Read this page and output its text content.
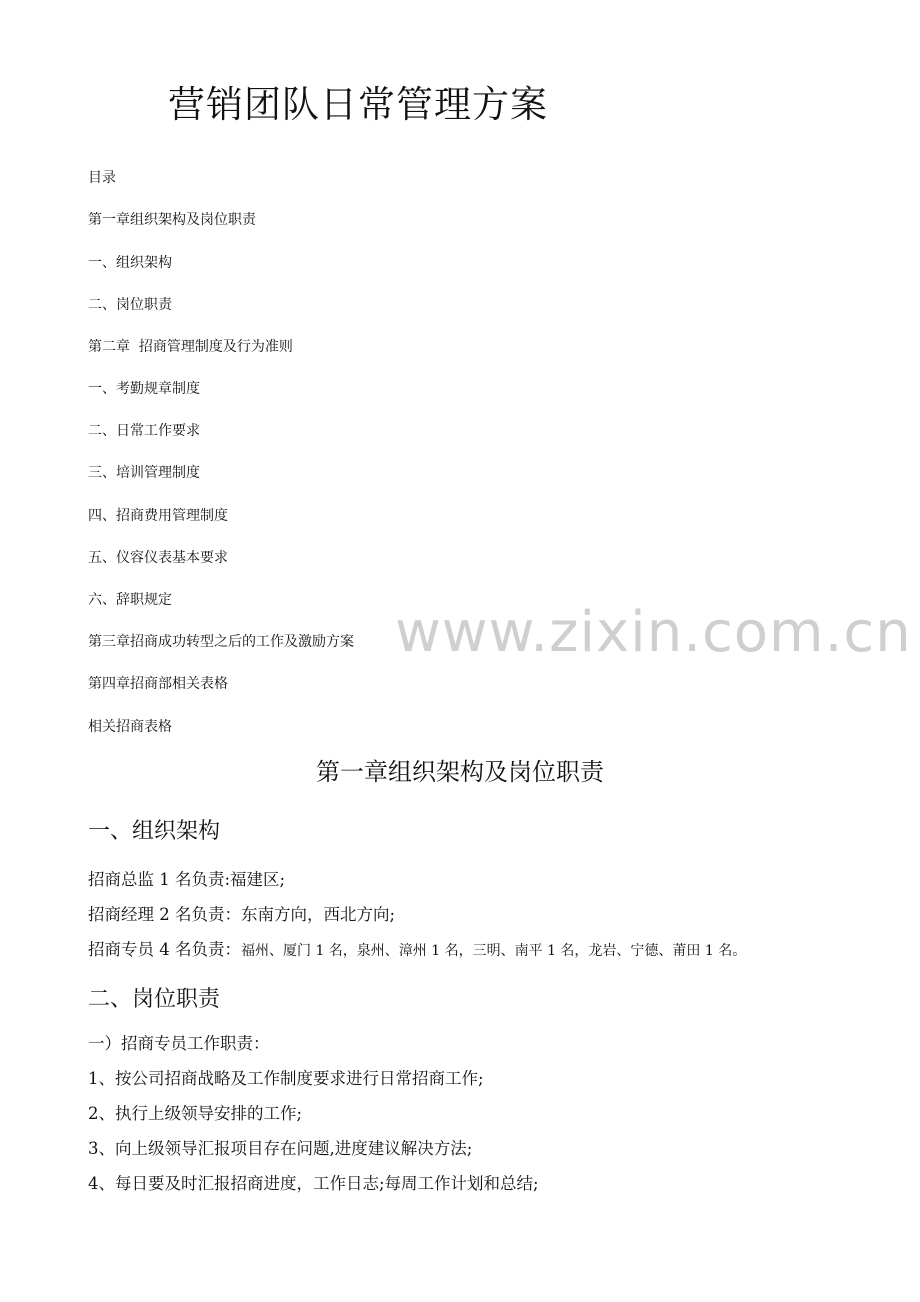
营销团队日常管理方案
目录
第一章组织架构及岗位职责
一、组织架构
二、岗位职责
第二章  招商管理制度及行为准则
一、考勤规章制度
二、日常工作要求
三、培训管理制度
四、招商费用管理制度
五、仪容仪表基本要求
六、辞职规定
第三章招商成功转型之后的工作及激励方案
第四章招商部相关表格
相关招商表格
www.zixin.com.cn
第一章组织架构及岗位职责
一、组织架构
招商总监 1 名负责:福建区;
招商经理 2 名负责：东南方向，西北方向;
招商专员 4 名负责：福州、厦门 1 名，泉州、漳州 1 名，三明、南平 1 名，龙岩、宁德、莆田 1 名。
二、岗位职责
一）招商专员工作职责：
1、按公司招商战略及工作制度要求进行日常招商工作;
2、执行上级领导安排的工作;
3、向上级领导汇报项目存在问题,进度建议解决方法;
4、每日要及时汇报招商进度，工作日志;每周工作计划和总结;
